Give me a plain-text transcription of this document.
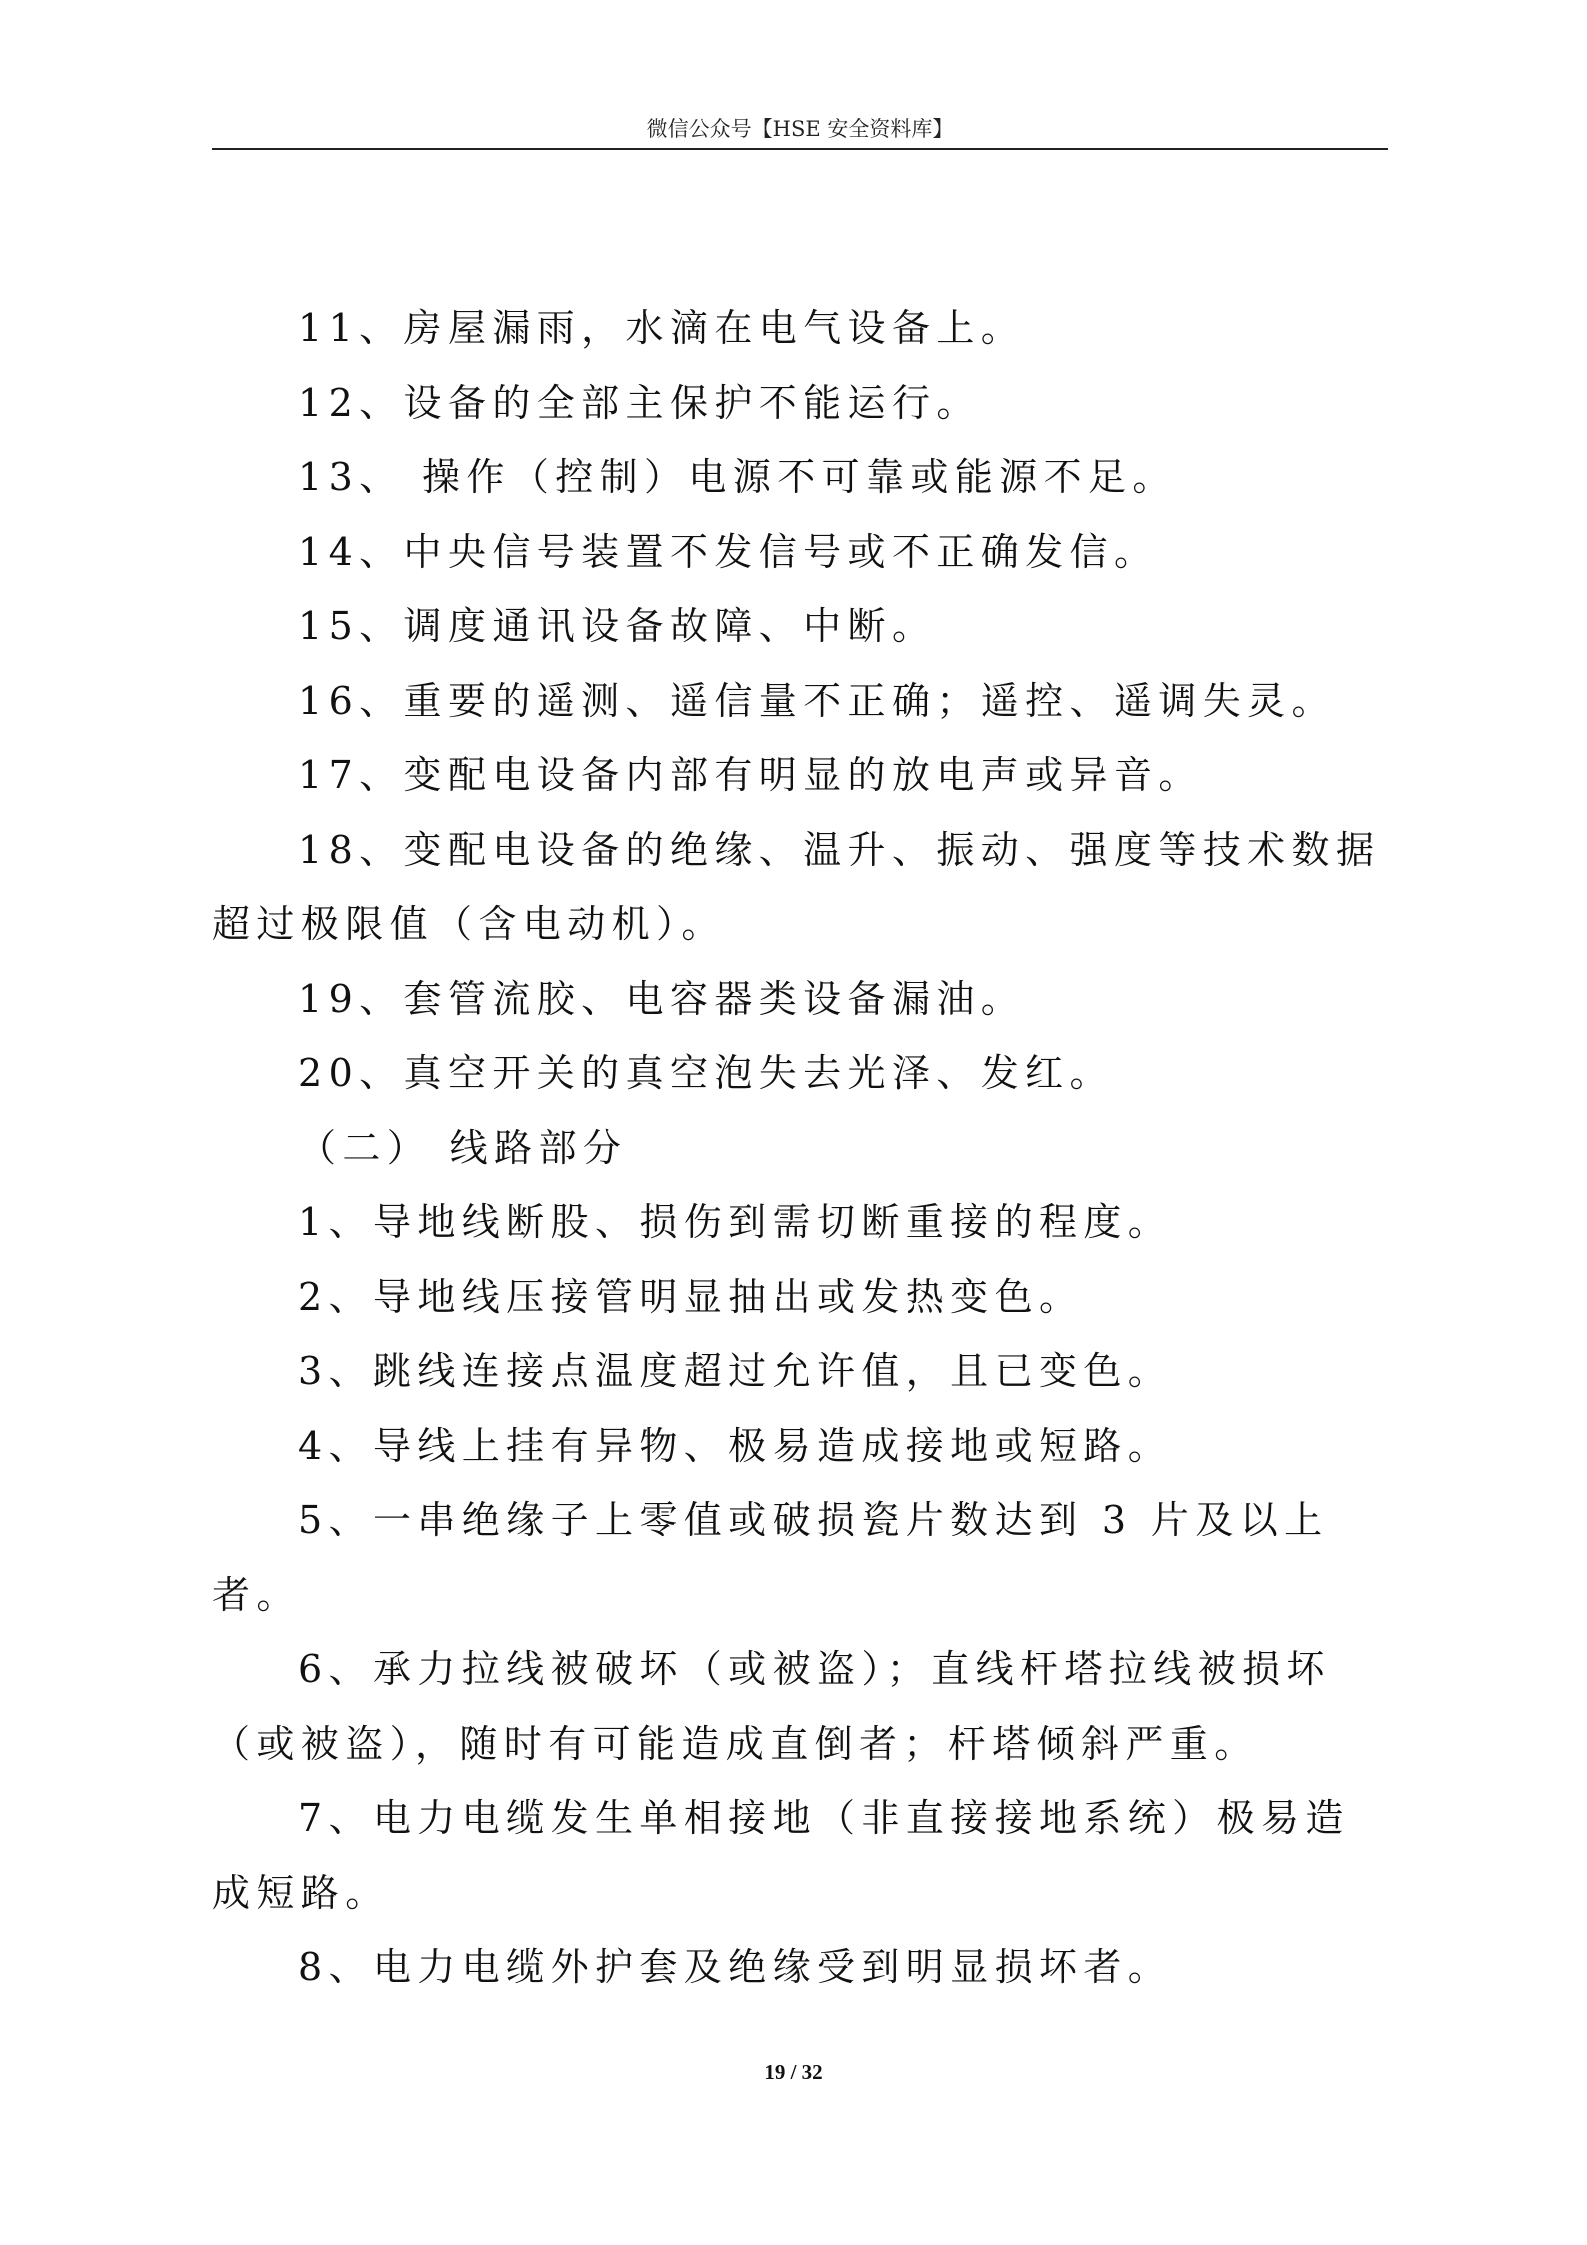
微信公众号【HSE 安全资料库】

11、房屋漏雨，水滴在电气设备上。

12、设备的全部主保护不能运行。

13、 操作（控制）电源不可靠或能源不足。

14、中央信号装置不发信号或不正确发信。

15、调度通讯设备故障、中断。

16、重要的遥测、遥信量不正确；遥控、遥调失灵。

17、变配电设备内部有明显的放电声或异音。

18、变配电设备的绝缘、温升、振动、强度等技术数据超过极限值（含电动机）。

19、套管流胶、电容器类设备漏油。

20、真空开关的真空泡失去光泽、发红。

（二） 线路部分

1、导地线断股、损伤到需切断重接的程度。

2、导地线压接管明显抽出或发热变色。

3、跳线连接点温度超过允许值，且已变色。

4、导线上挂有异物、极易造成接地或短路。

5、一串绝缘子上零值或破损瓷片数达到 3 片及以上者。

6、承力拉线被破坏（或被盗）；直线杆塔拉线被损坏（或被盗），随时有可能造成直倒者；杆塔倾斜严重。

7、电力电缆发生单相接地（非直接接地系统）极易造成短路。

8、电力电缆外护套及绝缘受到明显损坏者。

19 / 32
